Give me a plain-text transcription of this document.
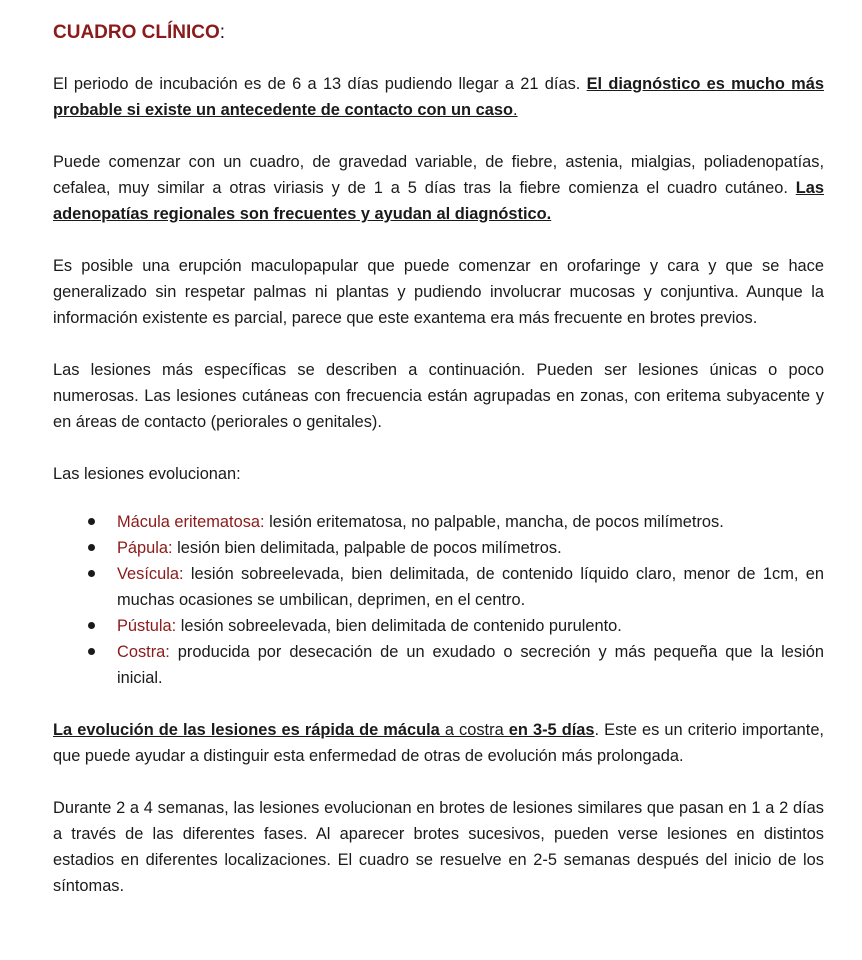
CUADRO CLÍNICO:

El periodo de incubación es de 6 a 13 días pudiendo llegar a 21 días. El diagnóstico es mucho más probable si existe un antecedente de contacto con un caso.

Puede comenzar con un cuadro, de gravedad variable, de fiebre, astenia, mialgias, poliadenopatías, cefalea, muy similar a otras viriasis y de 1 a 5 días tras la fiebre comienza el cuadro cutáneo. Las adenopatías regionales son frecuentes y ayudan al diagnóstico.

Es posible una erupción maculopapular que puede comenzar en orofaringe y cara y que se hace generalizado sin respetar palmas ni plantas y pudiendo involucrar mucosas y conjuntiva. Aunque la información existente es parcial, parece que este exantema era más frecuente en brotes previos.

Las lesiones más específicas se describen a continuación. Pueden ser lesiones únicas o poco numerosas. Las lesiones cutáneas con frecuencia están agrupadas en zonas, con eritema subyacente y en áreas de contacto (periorales o genitales).

Las lesiones evolucionan:

Mácula eritematosa: lesión eritematosa, no palpable, mancha, de pocos milímetros.
Pápula: lesión bien delimitada, palpable de pocos milímetros.
Vesícula: lesión sobreelevada, bien delimitada, de contenido líquido claro, menor de 1cm, en muchas ocasiones se umbilican, deprimen, en el centro.
Pústula: lesión sobreelevada, bien delimitada de contenido purulento.
Costra: producida por desecación de un exudado o secreción y más pequeña que la lesión inicial.

La evolución de las lesiones es rápida de mácula a costra en 3-5 días. Este es un criterio importante, que puede ayudar a distinguir esta enfermedad de otras de evolución más prolongada.

Durante 2 a 4 semanas, las lesiones evolucionan en brotes de lesiones similares que pasan en 1 a 2 días a través de las diferentes fases. Al aparecer brotes sucesivos, pueden verse lesiones en distintos estadios en diferentes localizaciones. El cuadro se resuelve en 2-5 semanas después del inicio de los síntomas.
